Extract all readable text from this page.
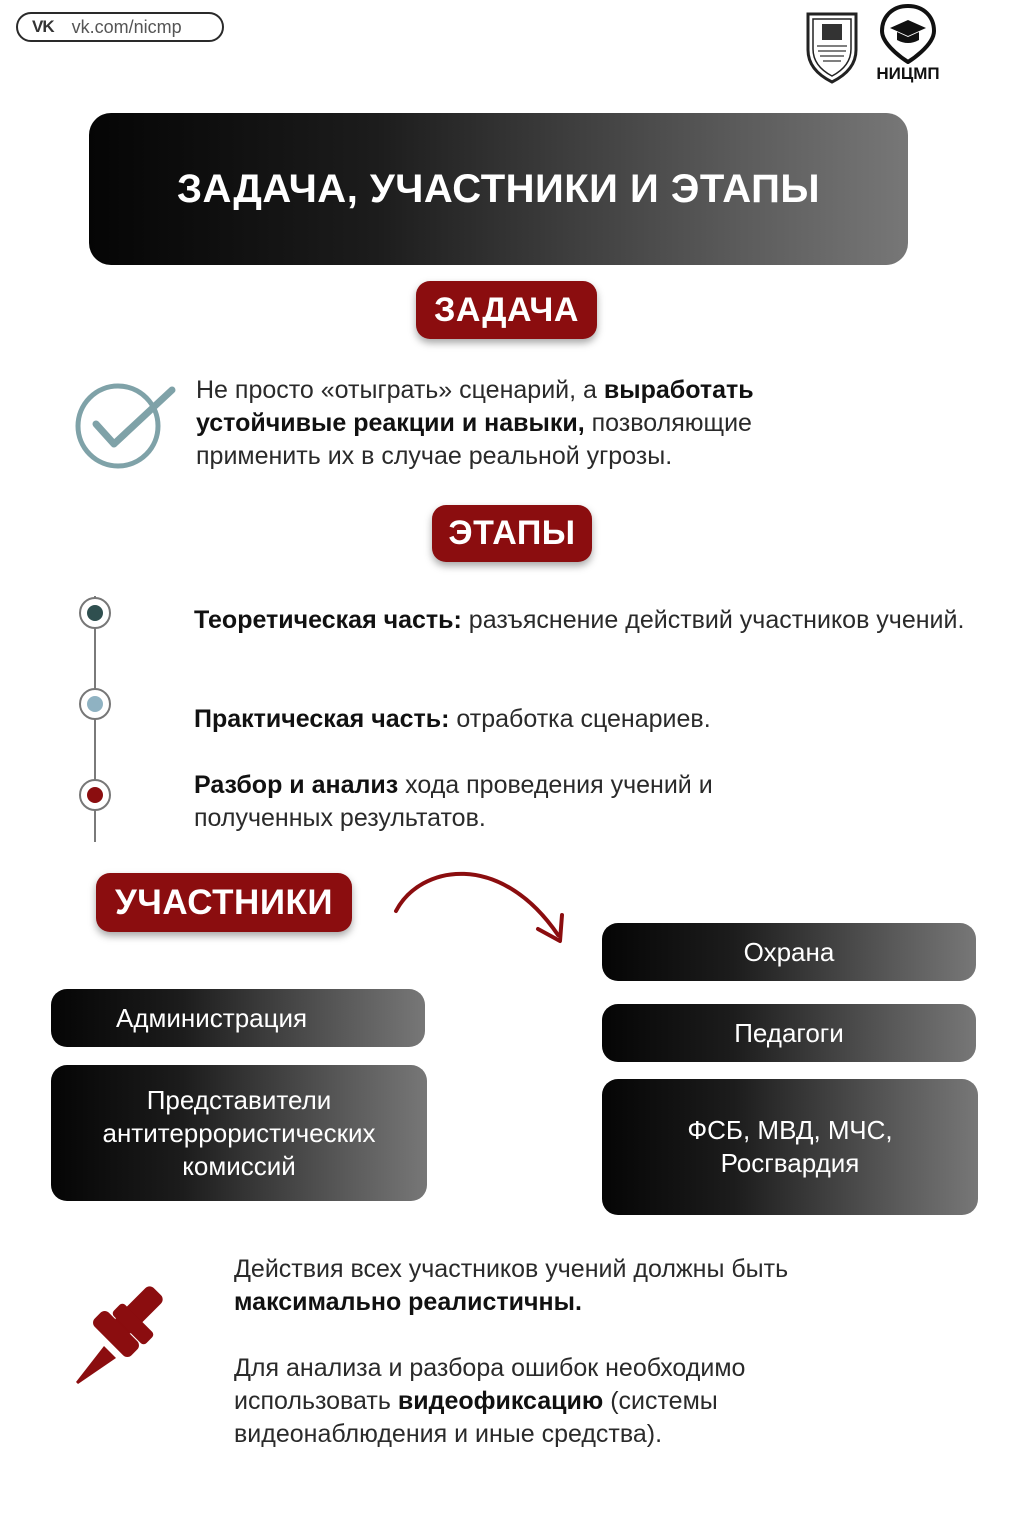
VK vk.com/nicmp
НИЦМП
ЗАДАЧА, УЧАСТНИКИ И ЭТАПЫ
ЗАДАЧА
Не просто «отыграть» сценарий, а выработать устойчивые реакции и навыки, позволяющие применить их в случае реальной угрозы.
ЭТАПЫ
Теоретическая часть: разъяснение действий участников учений.
Практическая часть: отработка сценариев.
Разбор и анализ хода проведения учений и полученных результатов.
УЧАСТНИКИ
Администрация
Представители антитеррористических комиссий
Охрана
Педагоги
ФСБ, МВД, МЧС, Росгвардия
Действия всех участников учений должны быть максимально реалистичны.
Для анализа и разбора ошибок необходимо использовать видеофиксацию (системы видеонаблюдения и иные средства).
